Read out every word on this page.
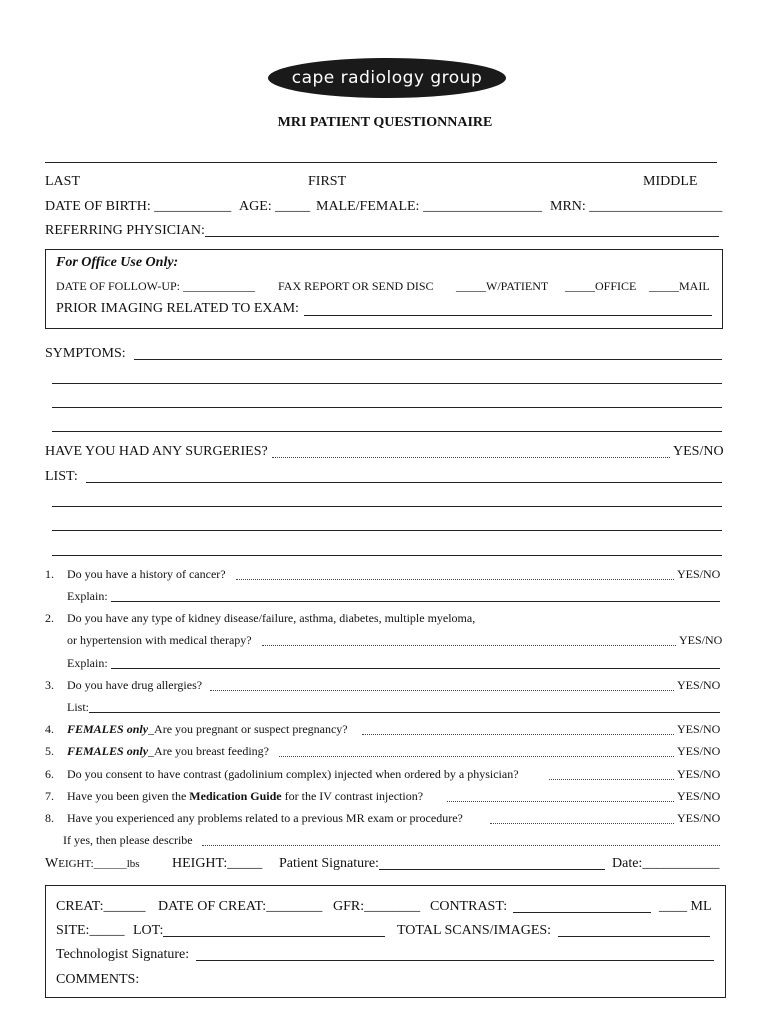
cape radiology group
MRI PATIENT QUESTIONNAIRE
LAST	FIRST	MIDDLE
DATE OF BIRTH: ___________ AGE: _____ MALE/FEMALE: _________________ MRN: ___________________
REFERRING PHYSICIAN:
For Office Use Only:
DATE OF FOLLOW-UP: ____________ FAX REPORT OR SEND DISC _____W/PATIENT _____OFFICE _____MAIL
PRIOR IMAGING RELATED TO EXAM:
SYMPTOMS:
HAVE YOU HAD ANY SURGERIES?	YES/NO
LIST:
1. Do you have a history of cancer?	YES/NO
Explain:
2. Do you have any type of kidney disease/failure, asthma, diabetes, multiple myeloma,
or hypertension with medical therapy?	YES/NO
Explain:
3. Do you have drug allergies?	YES/NO
List:
4. FEMALES only_Are you pregnant or suspect pregnancy?	YES/NO
5. FEMALES only_Are you breast feeding?	YES/NO
6. Do you consent to have contrast (gadolinium complex) injected when ordered by a physician?	YES/NO
7. Have you been given the Medication Guide for the IV contrast injection?	YES/NO
8. Have you experienced any problems related to a previous MR exam or procedure?	YES/NO
If yes, then please describe
WEIGHT:______lbs HEIGHT:_____ Patient Signature:	Date:___________
CREAT:______ DATE OF CREAT:________ GFR:________ CONTRAST:	____ ML
SITE:_____ LOT:	TOTAL SCANS/IMAGES:
Technologist Signature:
COMMENTS:
